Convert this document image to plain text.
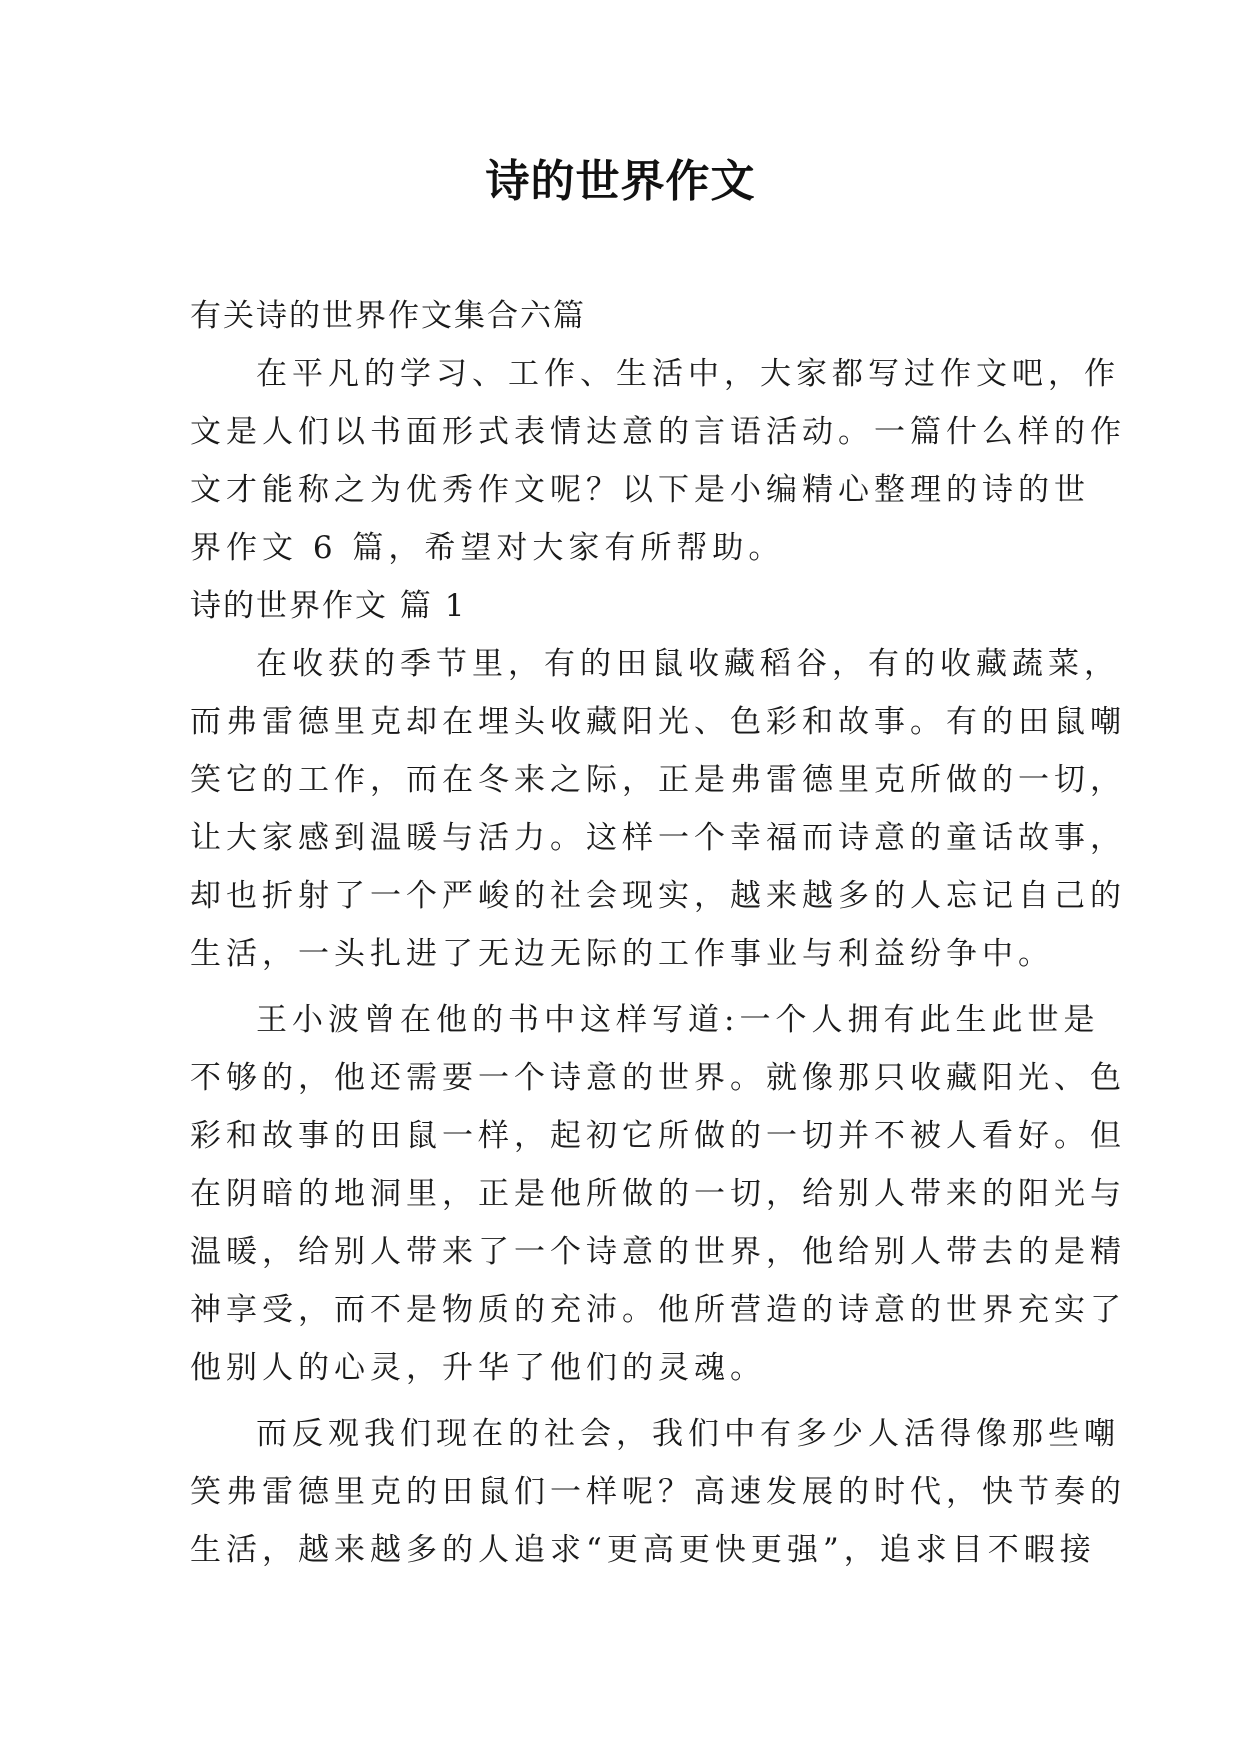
诗的世界作文
有关诗的世界作文集合六篇
在平凡的学习、工作、生活中，大家都写过作文吧，作
文是人们以书面形式表情达意的言语活动。一篇什么样的作
文才能称之为优秀作文呢？以下是小编精心整理的诗的世
界作文 6 篇，希望对大家有所帮助。
诗的世界作文 篇 1
在收获的季节里，有的田鼠收藏稻谷，有的收藏蔬菜，
而弗雷德里克却在埋头收藏阳光、色彩和故事。有的田鼠嘲
笑它的工作，而在冬来之际，正是弗雷德里克所做的一切，
让大家感到温暖与活力。这样一个幸福而诗意的童话故事，
却也折射了一个严峻的社会现实，越来越多的人忘记自己的
生活，一头扎进了无边无际的工作事业与利益纷争中。
王小波曾在他的书中这样写道:一个人拥有此生此世是
不够的，他还需要一个诗意的世界。就像那只收藏阳光、色
彩和故事的田鼠一样，起初它所做的一切并不被人看好。但
在阴暗的地洞里，正是他所做的一切，给别人带来的阳光与
温暖，给别人带来了一个诗意的世界，他给别人带去的是精
神享受，而不是物质的充沛。他所营造的诗意的世界充实了
他别人的心灵，升华了他们的灵魂。
而反观我们现在的社会，我们中有多少人活得像那些嘲
笑弗雷德里克的田鼠们一样呢？高速发展的时代，快节奏的
生活，越来越多的人追求“更高更快更强”，追求目不暇接
